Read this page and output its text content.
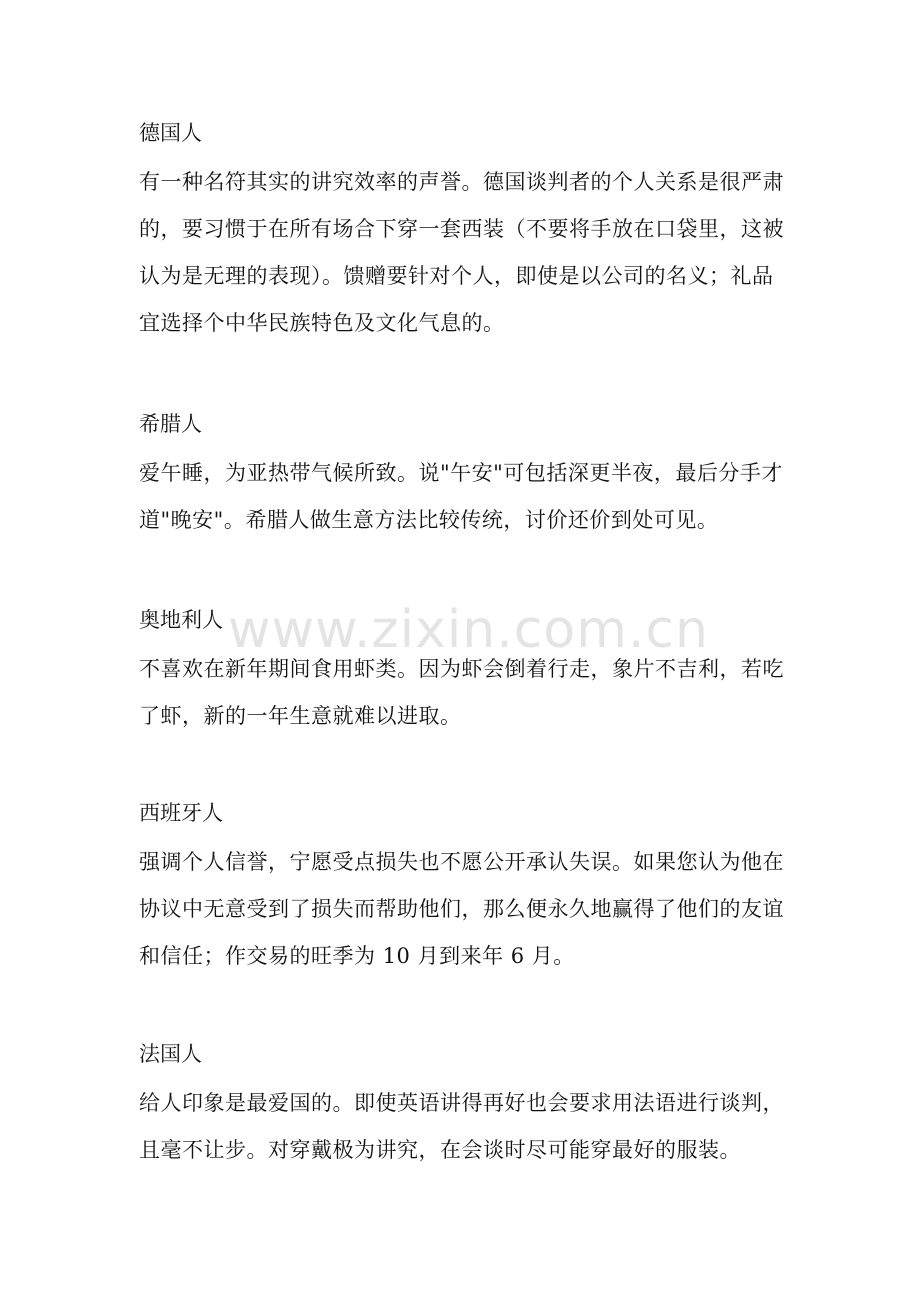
德国人
有一种名符其实的讲究效率的声誉。德国谈判者的个人关系是很严肃
的，要习惯于在所有场合下穿一套西装（不要将手放在口袋里，这被
认为是无理的表现）。馈赠要针对个人，即使是以公司的名义；礼品
宜选择个中华民族特色及文化气息的。
希腊人
爱午睡，为亚热带气候所致。说"午安"可包括深更半夜，最后分手才
道"晚安"。希腊人做生意方法比较传统，讨价还价到处可见。
奥地利人
不喜欢在新年期间食用虾类。因为虾会倒着行走，象片不吉利，若吃
了虾，新的一年生意就难以进取。
西班牙人
强调个人信誉，宁愿受点损失也不愿公开承认失误。如果您认为他在
协议中无意受到了损失而帮助他们，那么便永久地赢得了他们的友谊
和信任；作交易的旺季为 10 月到来年 6 月。
法国人
给人印象是最爱国的。即使英语讲得再好也会要求用法语进行谈判，
且毫不让步。对穿戴极为讲究，在会谈时尽可能穿最好的服装。
www.zixin.com.cn
